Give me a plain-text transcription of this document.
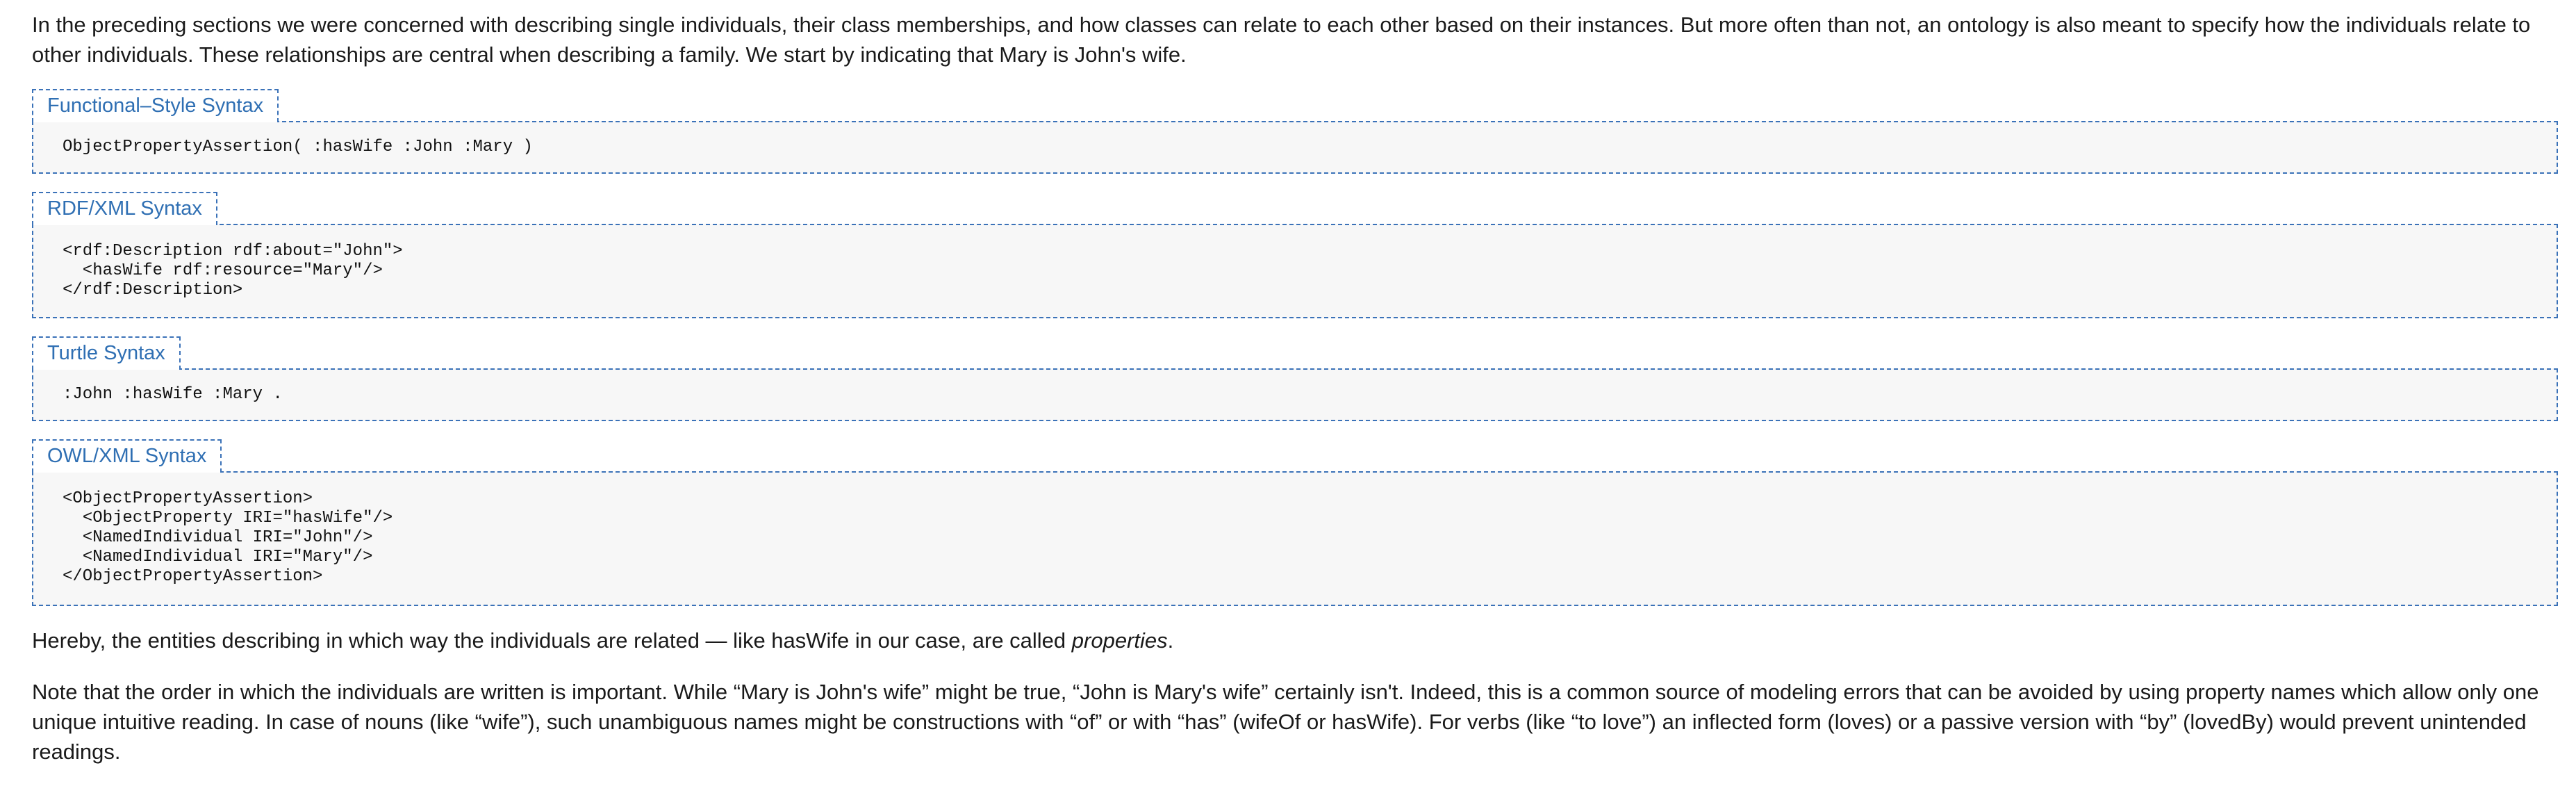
In the preceding sections we were concerned with describing single individuals, their class memberships, and how classes can relate to each other based on their instances. But more often than not, an ontology is also meant to specify how the individuals relate to other individuals. These relationships are central when describing a family. We start by indicating that Mary is John's wife.

Functional–Style Syntax
ObjectPropertyAssertion( :hasWife :John :Mary )
RDF/XML Syntax
<rdf:Description rdf:about="John">
<hasWife rdf:resource="Mary"/>
</rdf:Description>
Turtle Syntax
:John :hasWife :Mary .
OWL/XML Syntax
<ObjectPropertyAssertion>
<ObjectProperty IRI="hasWife"/>
<NamedIndividual IRI="John"/>
<NamedIndividual IRI="Mary"/>
</ObjectPropertyAssertion>

Hereby, the entities describing in which way the individuals are related — like hasWife in our case, are called properties.

Note that the order in which the individuals are written is important. While “Mary is John's wife” might be true, “John is Mary's wife” certainly isn't. Indeed, this is a common source of modeling errors that can be avoided by using property names which allow only one unique intuitive reading. In case of nouns (like “wife”), such unambiguous names might be constructions with “of” or with “has” (wifeOf or hasWife). For verbs (like “to love”) an inflected form (loves) or a passive version with “by” (lovedBy) would prevent unintended readings.
